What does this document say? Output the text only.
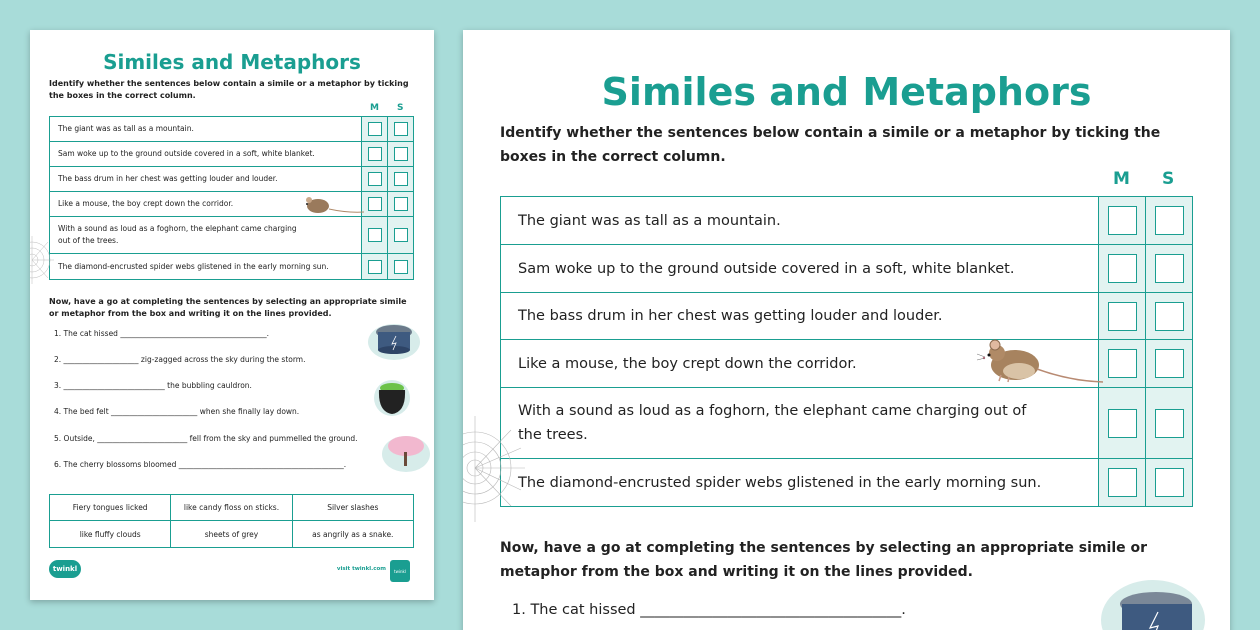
Similes and Metaphors
Identify whether the sentences below contain a simile or a metaphor by ticking the boxes in the correct column.
M S
The giant was as tall as a mountain.
Sam woke up to the ground outside covered in a soft, white blanket.
The bass drum in her chest was getting louder and louder.
Like a mouse, the boy crept down the corridor.
With a sound as loud as a foghorn, the elephant came charging out of the trees.
The diamond-encrusted spider webs glistened in the early morning sun.
Now, have a go at completing the sentences by selecting an appropriate simile or metaphor from the box and writing it on the lines provided.
1. The cat hissed _______________________________________.
2. ____________________ zig-zagged across the sky during the storm.
3. ___________________________ the bubbling cauldron.
4. The bed felt _______________________ when she finally lay down.
5. Outside, ________________________ fell from the sky and pummelled the ground.
6. The cherry blossoms bloomed ____________________________________________.
Fiery tongues licked	like candy floss on sticks.	Silver slashes
like fluffy clouds	sheets of grey	as angrily as a snake.
twinkl	visit twinkl.com	twinkl
Similes and Metaphors
Identify whether the sentences below contain a simile or a metaphor by ticking the boxes in the correct column.
M S
The giant was as tall as a mountain.
Sam woke up to the ground outside covered in a soft, white blanket.
The bass drum in her chest was getting louder and louder.
Like a mouse, the boy crept down the corridor.
With a sound as loud as a foghorn, the elephant came charging out of the trees.
The diamond-encrusted spider webs glistened in the early morning sun.
Now, have a go at completing the sentences by selecting an appropriate simile or metaphor from the box and writing it on the lines provided.
1. The cat hissed ____________________________________.
